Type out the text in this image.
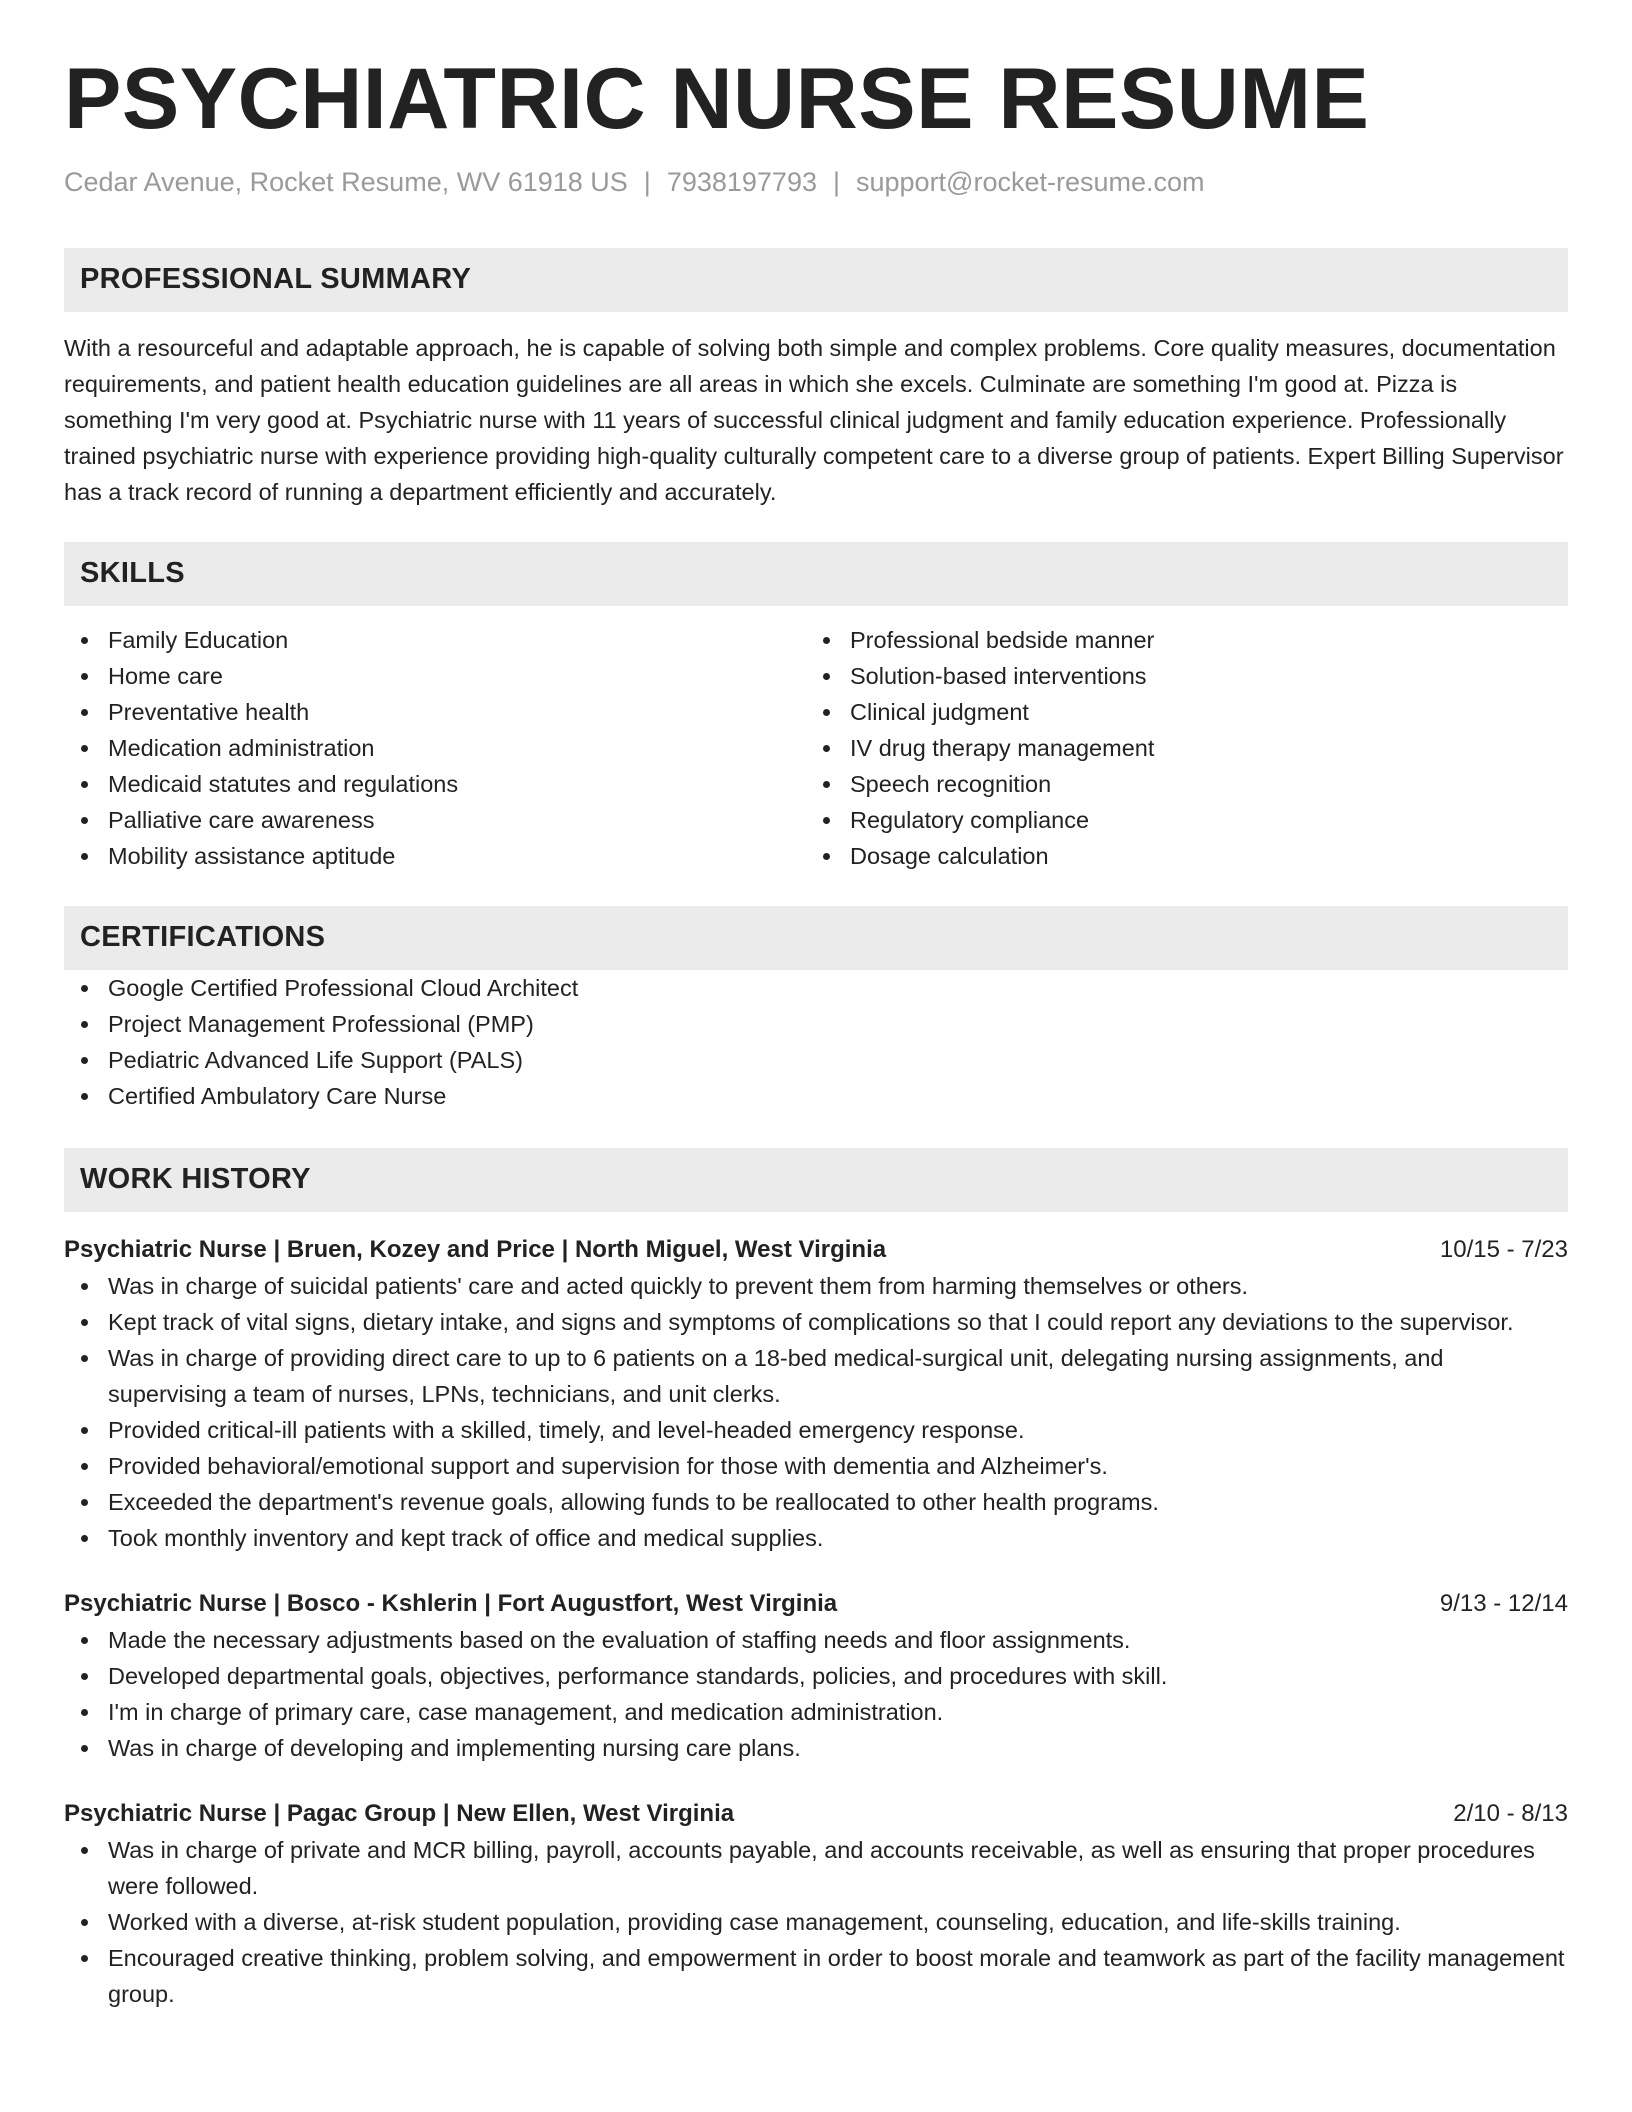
PSYCHIATRIC NURSE RESUME
Cedar Avenue, Rocket Resume, WV 61918 US | 7938197793 | support@rocket-resume.com
PROFESSIONAL SUMMARY

With a resourceful and adaptable approach, he is capable of solving both simple and complex problems. Core quality measures, documentation requirements, and patient health education guidelines are all areas in which she excels. Culminate are something I'm good at. Pizza is something I'm very good at. Psychiatric nurse with 11 years of successful clinical judgment and family education experience. Professionally trained psychiatric nurse with experience providing high-quality culturally competent care to a diverse group of patients. Expert Billing Supervisor has a track record of running a department efficiently and accurately.

SKILLS
Family Education
Home care
Preventative health
Medication administration
Medicaid statutes and regulations
Palliative care awareness
Mobility assistance aptitude
Professional bedside manner
Solution-based interventions
Clinical judgment
IV drug therapy management
Speech recognition
Regulatory compliance
Dosage calculation
CERTIFICATIONS
Google Certified Professional Cloud Architect
Project Management Professional (PMP)
Pediatric Advanced Life Support (PALS)
Certified Ambulatory Care Nurse
WORK HISTORY
Psychiatric Nurse | Bruen, Kozey and Price | North Miguel, West Virginia	10/15 - 7/23
Was in charge of suicidal patients' care and acted quickly to prevent them from harming themselves or others.
Kept track of vital signs, dietary intake, and signs and symptoms of complications so that I could report any deviations to the supervisor.
Was in charge of providing direct care to up to 6 patients on a 18-bed medical-surgical unit, delegating nursing assignments, and supervising a team of nurses, LPNs, technicians, and unit clerks.
Provided critical-ill patients with a skilled, timely, and level-headed emergency response.
Provided behavioral/emotional support and supervision for those with dementia and Alzheimer's.
Exceeded the department's revenue goals, allowing funds to be reallocated to other health programs.
Took monthly inventory and kept track of office and medical supplies.
Psychiatric Nurse | Bosco - Kshlerin | Fort Augustfort, West Virginia	9/13 - 12/14
Made the necessary adjustments based on the evaluation of staffing needs and floor assignments.
Developed departmental goals, objectives, performance standards, policies, and procedures with skill.
I'm in charge of primary care, case management, and medication administration.
Was in charge of developing and implementing nursing care plans.
Psychiatric Nurse | Pagac Group | New Ellen, West Virginia	2/10 - 8/13
Was in charge of private and MCR billing, payroll, accounts payable, and accounts receivable, as well as ensuring that proper procedures were followed.
Worked with a diverse, at-risk student population, providing case management, counseling, education, and life-skills training.
Encouraged creative thinking, problem solving, and empowerment in order to boost morale and teamwork as part of the facility management group.
